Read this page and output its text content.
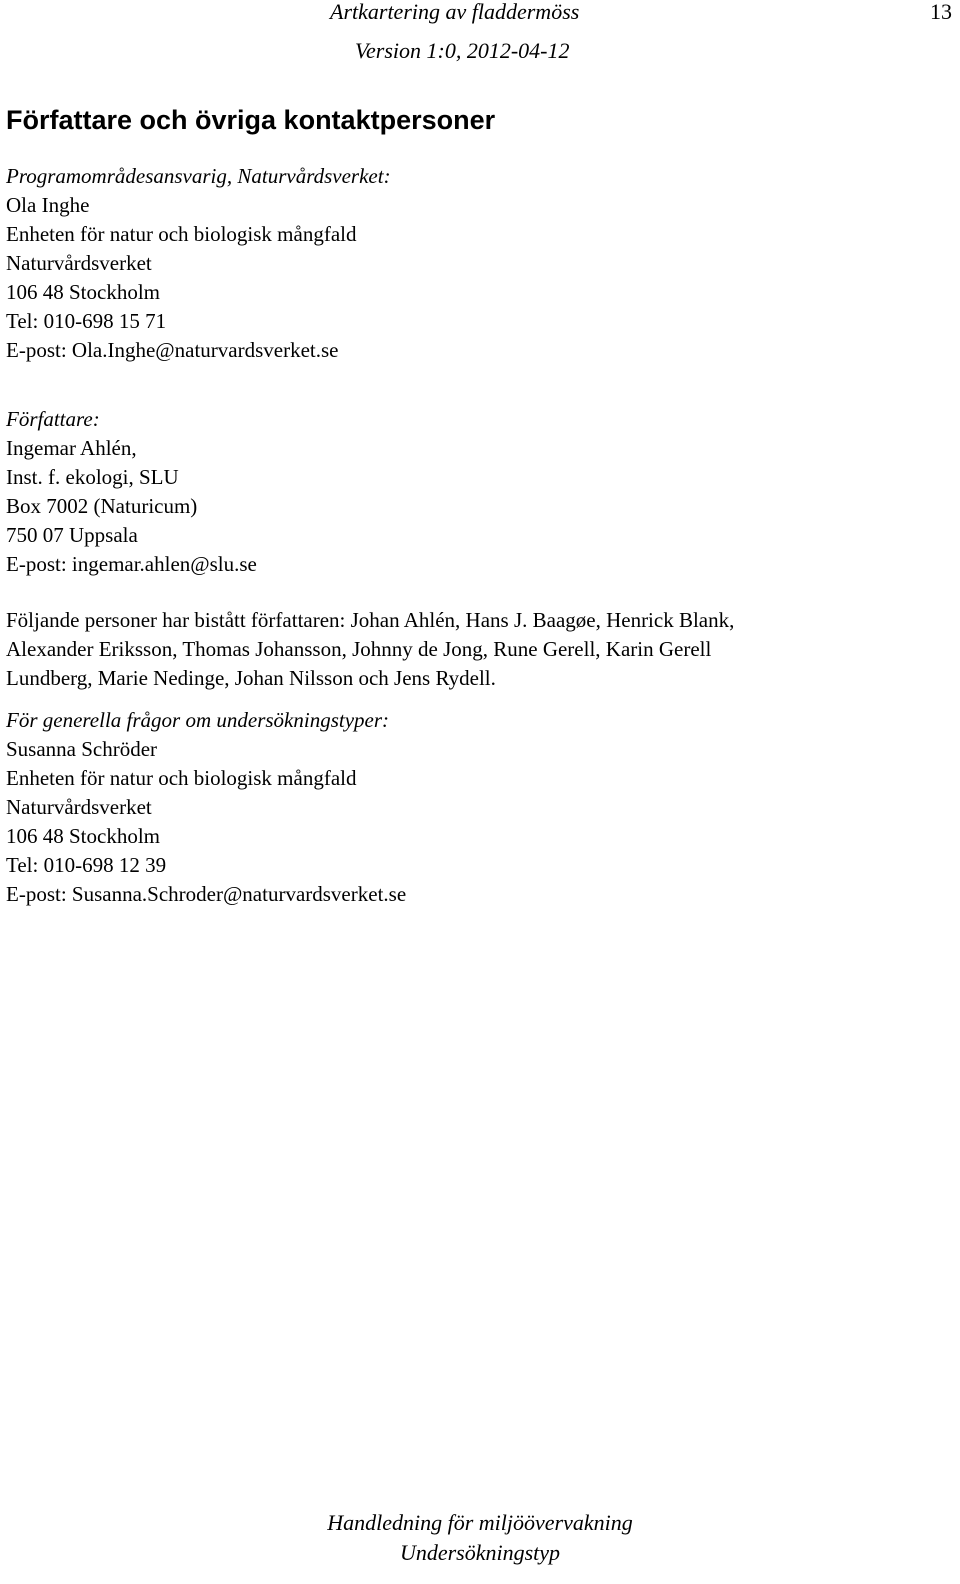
Artkartering av fladdermöss
Version 1:0, 2012-04-12
13
Författare och övriga kontaktpersoner
Programområdesansvarig, Naturvårdsverket:
Ola Inghe
Enheten för natur och biologisk mångfald
Naturvårdsverket
106 48 Stockholm
Tel: 010-698 15 71
E-post: Ola.Inghe@naturvardsverket.se
Författare:
Ingemar Ahlén,
Inst. f. ekologi, SLU
Box 7002 (Naturicum)
750 07 Uppsala
E-post: ingemar.ahlen@slu.se
Följande personer har bistått författaren: Johan Ahlén, Hans J. Baagøe, Henrick Blank,
Alexander Eriksson, Thomas Johansson, Johnny de Jong, Rune Gerell, Karin Gerell
Lundberg, Marie Nedinge, Johan Nilsson och Jens Rydell.
För generella frågor om undersökningstyper:
Susanna Schröder
Enheten för natur och biologisk mångfald
Naturvårdsverket
106 48 Stockholm
Tel: 010-698 12 39
E-post: Susanna.Schroder@naturvardsverket.se
Handledning för miljöövervakning
Undersökningstyp
